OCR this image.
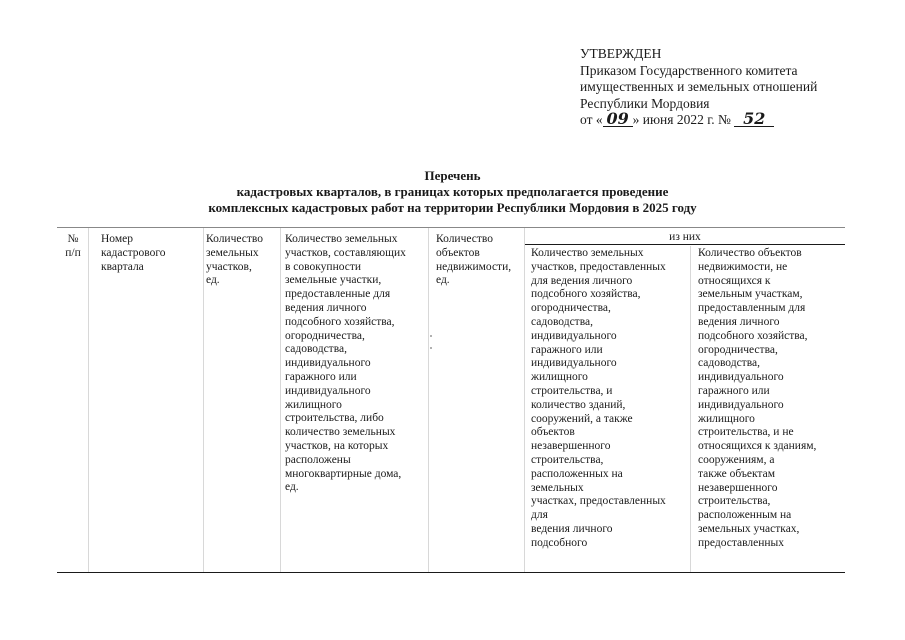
УТВЕРЖДЕН
Приказом Государственного комитета
имущественных и земельных отношений
Республики Мордовия
от « 09 » июня 2022 г. № 52
Перечень
кадастровых кварталов, в границах которых предполагается проведение
комплексных кадастровых работ на территории Республики Мордовия в 2025 году
№
п/п
Номер
кадастрового
квартала
Количество
земельных
участков,
ед.
Количество земельных
участков, составляющих
в совокупности
земельные участки,
предоставленные для
ведения личного
подсобного хозяйства,
огородничества,
садоводства,
индивидуального
гаражного или
индивидуального
жилищного
строительства, либо
количество земельных
участков, на которых
расположены
многоквартирные дома,
ед.
Количество
объектов
недвижимости,
ед.
из них
Количество земельных
участков, предоставленных
для ведения личного
подсобного хозяйства,
огородничества,
садоводства,
индивидуального
гаражного или
индивидуального
жилищного
строительства, и
количество зданий,
сооружений, а также
объектов
незавершенного
строительства,
расположенных на
земельных
участках, предоставленных
для
ведения личного
подсобного
Количество объектов
недвижимости, не
относящихся к
земельным участкам,
предоставленным для
ведения личного
подсобного хозяйства,
огородничества,
садоводства,
индивидуального
гаражного или
индивидуального
жилищного
строительства, и не
относящихся к зданиям,
сооружениям, а
также объектам
незавершенного
строительства,
расположенным на
земельных участках,
предоставленных
